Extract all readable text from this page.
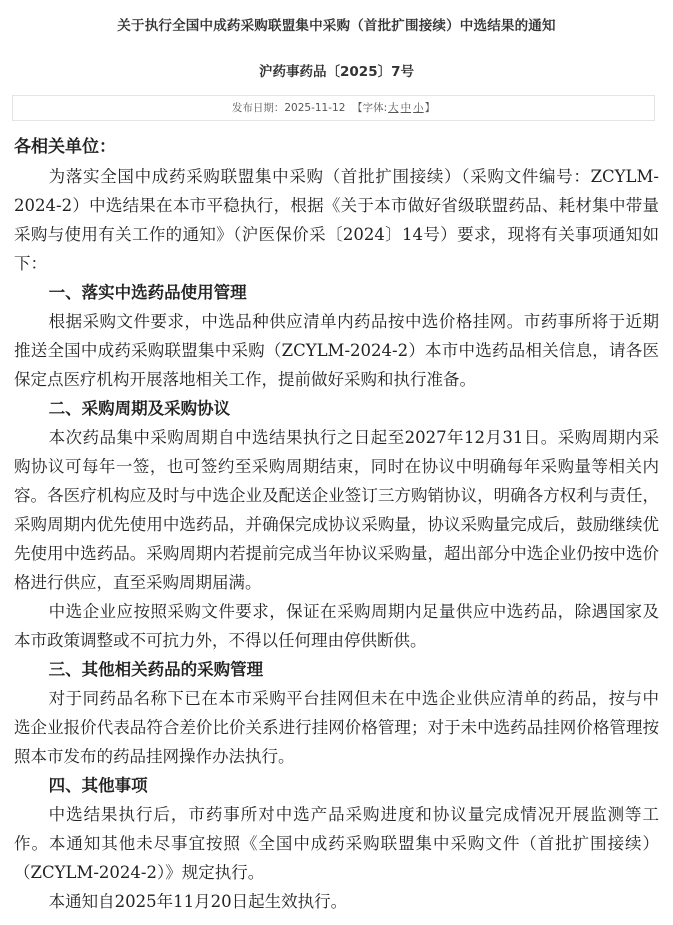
关于执行全国中成药采购联盟集中采购（首批扩围接续）中选结果的通知
沪药事药品〔2025〕7号
发布日期：2025-11-12 【字体:大 中 小】

各相关单位：

为落实全国中成药采购联盟集中采购（首批扩围接续）（采购文件编号：ZCYLM-2024-2）中选结果在本市平稳执行，根据《关于本市做好省级联盟药品、耗材集中带量采购与使用有关工作的通知》（沪医保价采〔2024〕14号）要求，现将有关事项通知如下：

一、落实中选药品使用管理

根据采购文件要求，中选品种供应清单内药品按中选价格挂网。市药事所将于近期推送全国中成药采购联盟集中采购（ZCYLM-2024-2）本市中选药品相关信息，请各医保定点医疗机构开展落地相关工作，提前做好采购和执行准备。

二、采购周期及采购协议

本次药品集中采购周期自中选结果执行之日起至2027年12月31日。采购周期内采购协议可每年一签，也可签约至采购周期结束，同时在协议中明确每年采购量等相关内容。各医疗机构应及时与中选企业及配送企业签订三方购销协议，明确各方权利与责任，采购周期内优先使用中选药品，并确保完成协议采购量，协议采购量完成后，鼓励继续优先使用中选药品。采购周期内若提前完成当年协议采购量，超出部分中选企业仍按中选价格进行供应，直至采购周期届满。

中选企业应按照采购文件要求，保证在采购周期内足量供应中选药品，除遇国家及本市政策调整或不可抗力外，不得以任何理由停供断供。

三、其他相关药品的采购管理

对于同药品名称下已在本市采购平台挂网但未在中选企业供应清单的药品，按与中选企业报价代表品符合差价比价关系进行挂网价格管理；对于未中选药品挂网价格管理按照本市发布的药品挂网操作办法执行。

四、其他事项

中选结果执行后，市药事所对中选产品采购进度和协议量完成情况开展监测等工作。本通知其他未尽事宜按照《全国中成药采购联盟集中采购文件（首批扩围接续）（ZCYLM-2024-2）》规定执行。

本通知自2025年11月20日起生效执行。
